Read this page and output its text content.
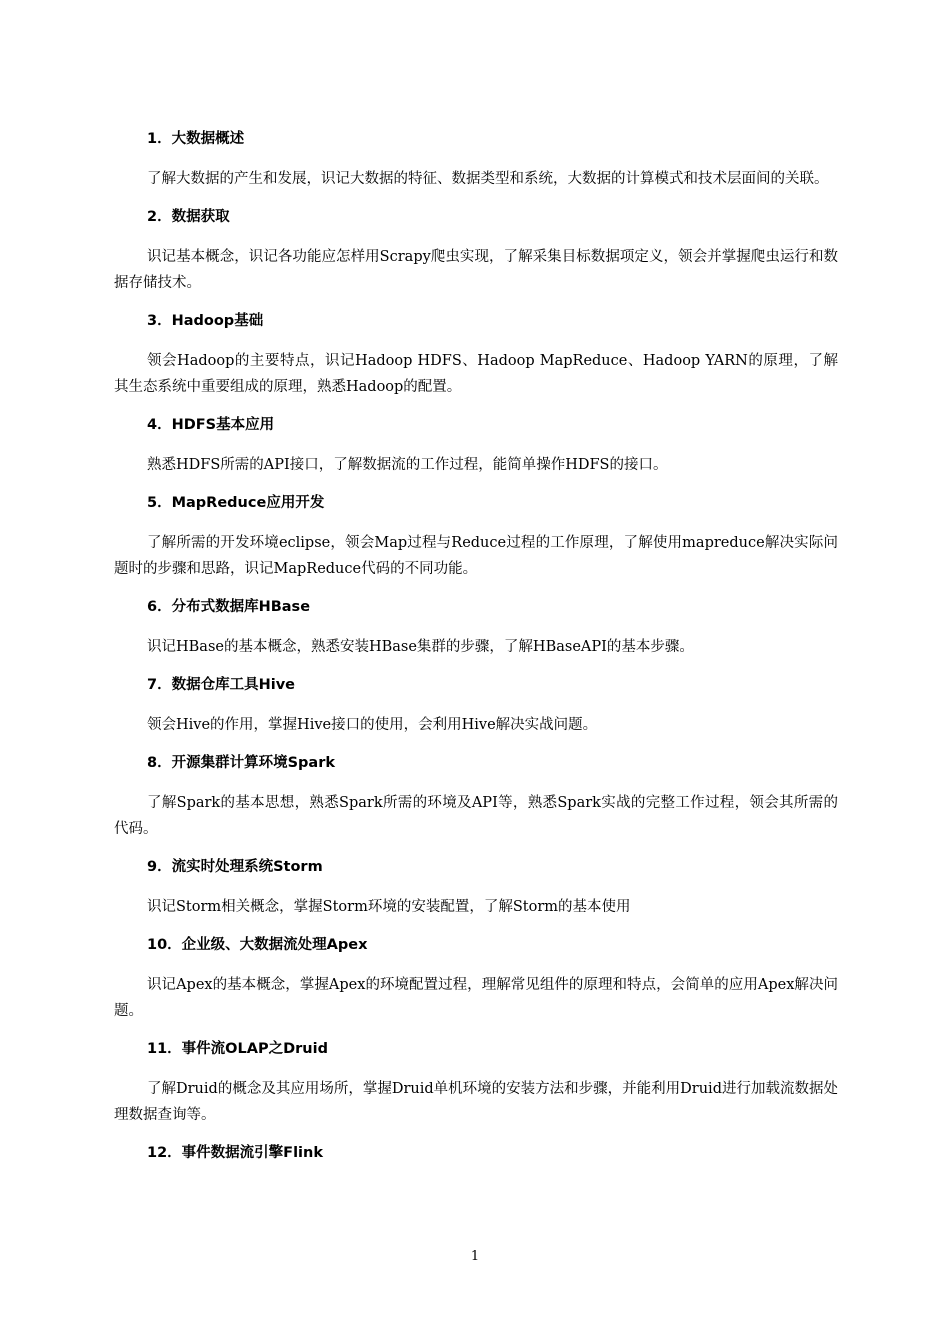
1．大数据概述

了解大数据的产生和发展，识记大数据的特征、数据类型和系统，大数据的计算模式和技术层面间的关联。

2．数据获取

识记基本概念，识记各功能应怎样用Scrapy爬虫实现，了解采集目标数据项定义，领会并掌握爬虫运行和数据存储技术。

3．Hadoop基础

领会Hadoop的主要特点，识记Hadoop HDFS、Hadoop MapReduce、Hadoop YARN的原理，了解其生态系统中重要组成的原理，熟悉Hadoop的配置。

4．HDFS基本应用

熟悉HDFS所需的API接口，了解数据流的工作过程，能简单操作HDFS的接口。

5．MapReduce应用开发

了解所需的开发环境eclipse，领会Map过程与Reduce过程的工作原理，了解使用mapreduce解决实际问题时的步骤和思路，识记MapReduce代码的不同功能。

6．分布式数据库HBase

识记HBase的基本概念，熟悉安装HBase集群的步骤，了解HBaseAPI的基本步骤。

7．数据仓库工具Hive

领会Hive的作用，掌握Hive接口的使用，会利用Hive解决实战问题。

8．开源集群计算环境Spark

了解Spark的基本思想，熟悉Spark所需的环境及API等，熟悉Spark实战的完整工作过程，领会其所需的代码。

9．流实时处理系统Storm

识记Storm相关概念，掌握Storm环境的安装配置，了解Storm的基本使用

10．企业级、大数据流处理Apex

识记Apex的基本概念，掌握Apex的环境配置过程，理解常见组件的原理和特点，会简单的应用Apex解决问题。

11．事件流OLAP之Druid

了解Druid的概念及其应用场所，掌握Druid单机环境的安装方法和步骤，并能利用Druid进行加载流数据处理数据查询等。

12．事件数据流引擎Flink

1
